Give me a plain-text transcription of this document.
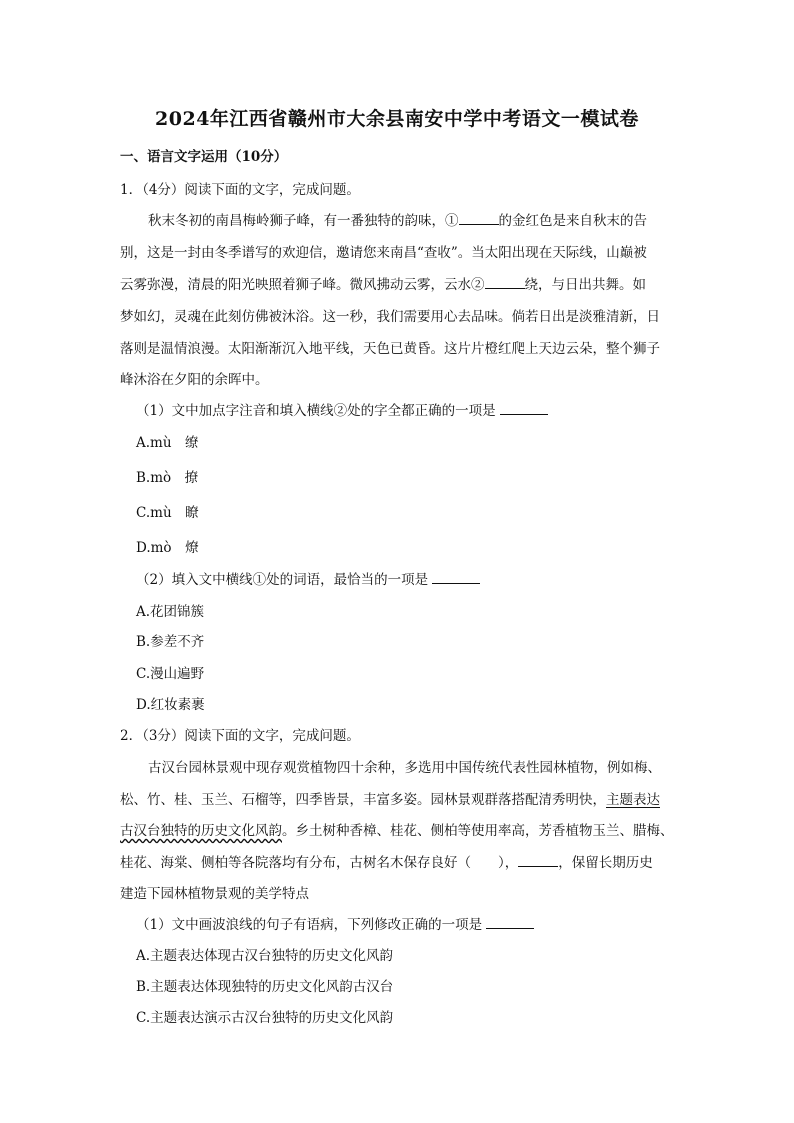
2024年江西省赣州市大余县南安中学中考语文一模试卷
一、语言文字运用（10分）
1．（4分）阅读下面的文字，完成问题。
秋末冬初的南昌梅岭狮子峰，有一番独特的韵味，①	的金红色是来自秋末的告
别，这是一封由冬季谱写的欢迎信，邀请您来南昌“查收”。当太阳出现在天际线，山巅被
云雾弥漫，清晨的阳光映照着狮子峰。微风拂动云雾，云水②	绕，与日出共舞。如
梦如幻，灵魂在此刻仿佛被沐浴。这一秒，我们需要用心去品味。倘若日出是淡雅清新，日
落则是温情浪漫。太阳渐渐沉入地平线，天色已黄昏。这片片橙红爬上天边云朵，整个狮子
峰沐浴在夕阳的余晖中。
（1）文中加点字注音和填入横线②处的字全都正确的一项是
A.mù　缭
B.mò　撩
C.mù　瞭
D.mò　燎
（2）填入文中横线①处的词语，最恰当的一项是
A.花团锦簇
B.参差不齐
C.漫山遍野
D.红妆素裹
2．（3分）阅读下面的文字，完成问题。
古汉台园林景观中现存观赏植物四十余种，多选用中国传统代表性园林植物，例如梅、
松、竹、桂、玉兰、石榴等，四季皆景，丰富多姿。园林景观群落搭配清秀明快，主题表达
古汉台独特的历史文化风韵。乡土树种香樟、桂花、侧柏等使用率高，芳香植物玉兰、腊梅、
桂花、海棠、侧柏等各院落均有分布，古树名木保存良好（　　），	，保留长期历史
建造下园林植物景观的美学特点
（1）文中画波浪线的句子有语病，下列修改正确的一项是
A.主题表达体现古汉台独特的历史文化风韵
B.主题表达体现独特的历史文化风韵古汉台
C.主题表达演示古汉台独特的历史文化风韵
